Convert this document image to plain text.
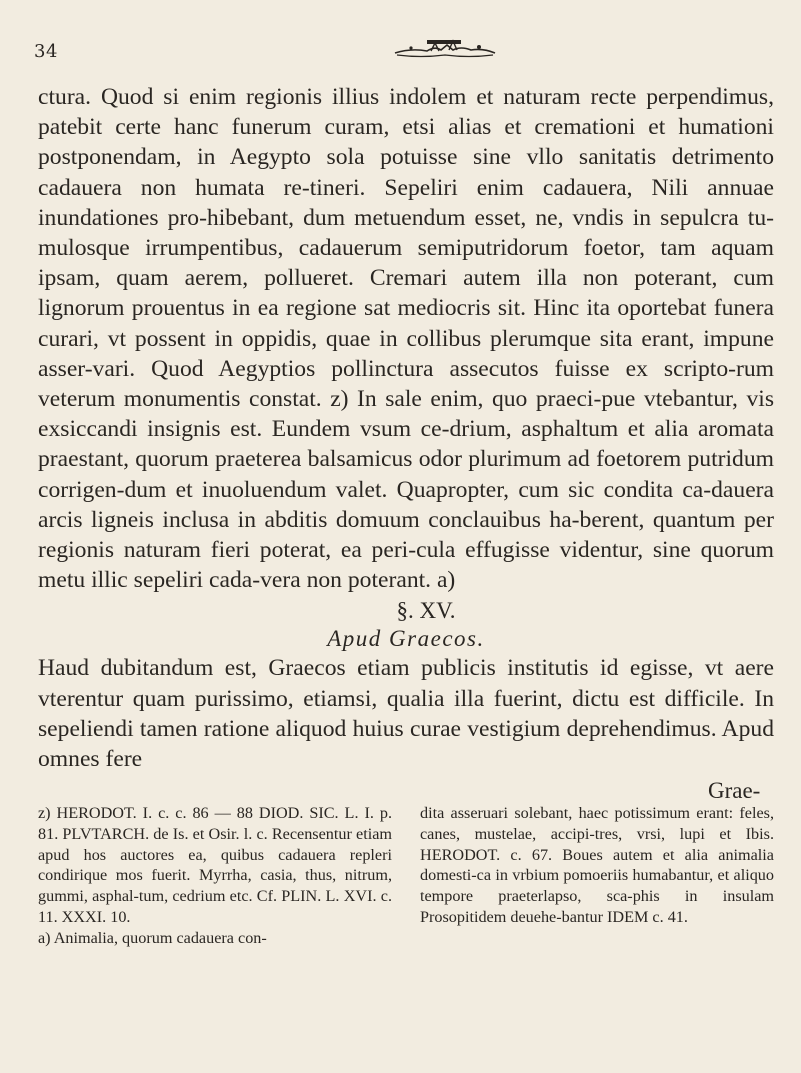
34

ctura. Quod si enim regionis illius indolem et naturam recte perpendimus, patebit certe hanc funerum curam, etsi alias et cremationi et humationi postponendam, in Aegypto sola potuisse sine vllo sanitatis detrimento cadauera non humata re-tineri. Sepeliri enim cadauera, Nili annuae inundationes pro-hibebant, dum metuendum esset, ne, vndis in sepulcra tu-mulosque irrumpentibus, cadauerum semiputridorum foetor, tam aquam ipsam, quam aerem, pollueret. Cremari autem illa non poterant, cum lignorum prouentus in ea regione sat mediocris sit. Hinc ita oportebat funera curari, vt possent in oppidis, quae in collibus plerumque sita erant, impune asser-vari. Quod Aegyptios pollinctura assecutos fuisse ex scripto-rum veterum monumentis constat. z) In sale enim, quo praeci-pue vtebantur, vis exsiccandi insignis est. Eundem vsum ce-drium, asphaltum et alia aromata praestant, quorum praeterea balsamicus odor plurimum ad foetorem putridum corrigen-dum et inuoluendum valet. Quapropter, cum sic condita ca-dauera arcis ligneis inclusa in abditis domuum conclauibus ha-berent, quantum per regionis naturam fieri poterat, ea peri-cula effugisse videntur, sine quorum metu illic sepeliri cada-vera non poterant. a)

§. XV.
Apud Graecos.

Haud dubitandum est, Graecos etiam publicis institutis id egisse, vt aere vterentur quam purissimo, etiamsi, qualia illa fuerint, dictu est difficile. In sepeliendi tamen ratione aliquod huius curae vestigium deprehendimus. Apud omnes fere

Grae-

z) HERODOT. I. c. c. 86 — 88 DIOD. SIC. L. I. p. 81. PLVTARCH. de Is. et Osir. l. c. Recensentur etiam apud hos auctores ea, quibus cadauera repleri condirique mos fuerit. Myrrha, casia, thus, nitrum, gummi, asphal-tum, cedrium etc. Cf. PLIN. L. XVI. c. 11. XXXI. 10.

a) Animalia, quorum cadauera con-

dita asseruari solebant, haec potissimum erant: feles, canes, mustelae, accipi-tres, vrsi, lupi et Ibis. HERODOT. c. 67. Boues autem et alia animalia domesti-ca in vrbium pomoeriis humabantur, et aliquo tempore praeterlapso, sca-phis in insulam Prosopitidem deuehe-bantur IDEM c. 41.
